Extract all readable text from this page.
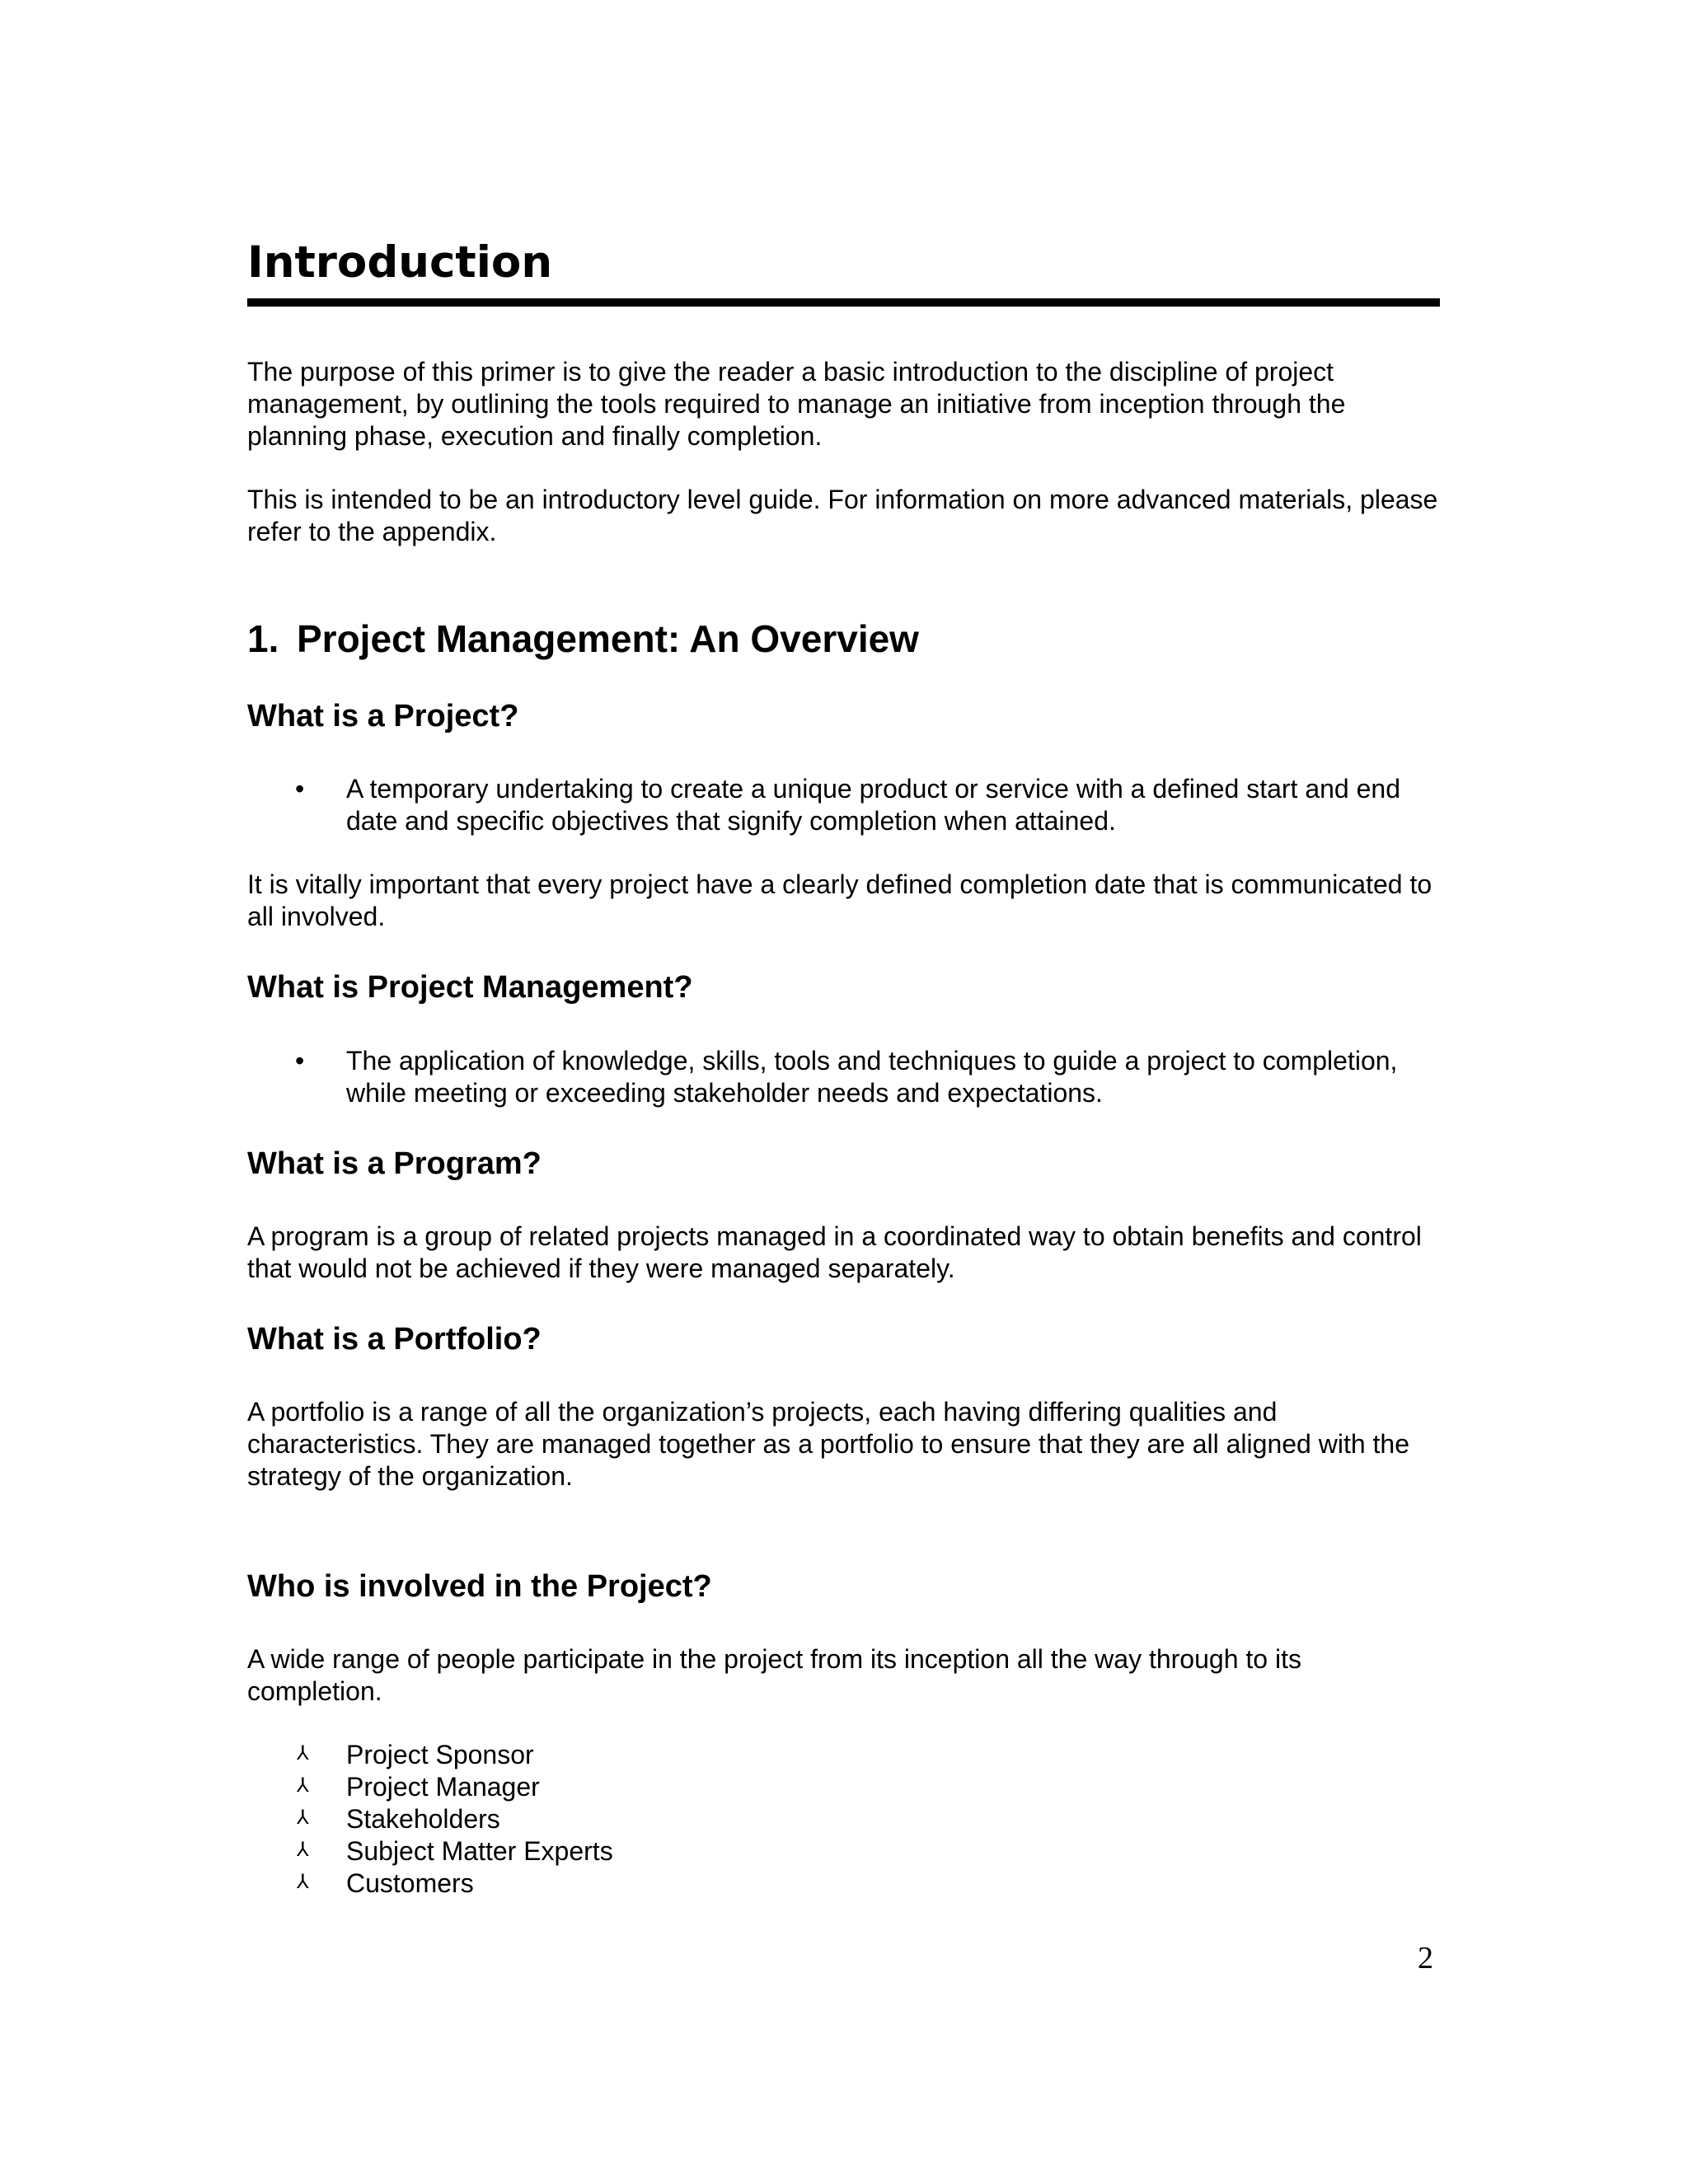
Introduction

The purpose of this primer is to give the reader a basic introduction to the discipline of project management, by outlining the tools required to manage an initiative from inception through the planning phase, execution and finally completion.

This is intended to be an introductory level guide. For information on more advanced materials, please refer to the appendix.

1. Project Management: An Overview
What is a Project?
• A temporary undertaking to create a unique product or service with a defined start and end date and specific objectives that signify completion when attained.

It is vitally important that every project have a clearly defined completion date that is communicated to all involved.

What is Project Management?
• The application of knowledge, skills, tools and techniques to guide a project to completion, while meeting or exceeding stakeholder needs and expectations.
What is a Program?

A program is a group of related projects managed in a coordinated way to obtain benefits and control that would not be achieved if they were managed separately.

What is a Portfolio?

A portfolio is a range of all the organization’s projects, each having differing qualities and characteristics. They are managed together as a portfolio to ensure that they are all aligned with the strategy of the organization.

Who is involved in the Project?

A wide range of people participate in the project from its inception all the way through to its completion.

⅄ Project Sponsor
⅄ Project Manager
⅄ Stakeholders
⅄ Subject Matter Experts
⅄ Customers
2
